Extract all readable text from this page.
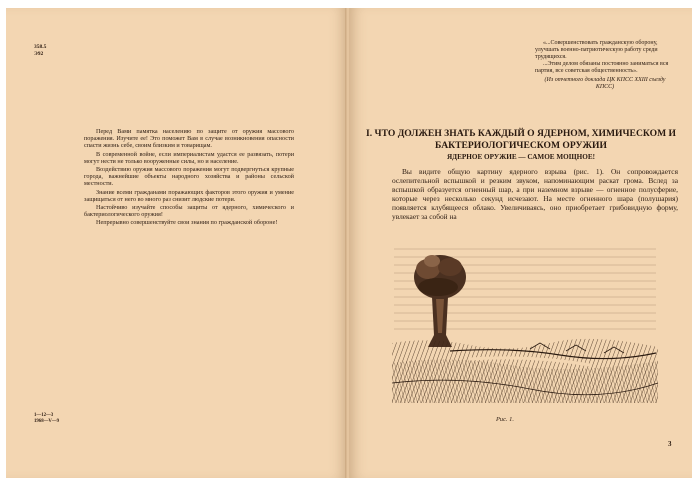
358.5
Э92

Перед Вами памятка населению по защите от оружия массового поражения. Изучите ее! Это поможет Вам в случае возникновения опасности спасти жизнь себе, своим близким и товарищам.

В современной войне, если империалистам удастся ее развязать, потери могут нести не только вооруженные силы, но и население.

Воздействию оружия массового поражения могут подвергнуться крупные города, важнейшие объекты народного хозяйства и районы сельской местности.

Знание всеми гражданами поражающих факторов этого оружия и умение защищаться от него во много раз снизит людские потери.

Настойчиво изучайте способы защиты от ядерного, химического и бактериологического оружия!

Непрерывно совершенствуйте свои знания по гражданской обороне!

1—12—3
1968—V—9

«...Совершенствовать гражданскую оборону, улучшать военно-патриотическую работу среди трудящихся.

...Этим делом обязаны постоянно заниматься вся партия, все советская общественность».

(Из отчетного доклада ЦК КПСС XXIII съезду КПСС)

I. ЧТО ДОЛЖЕН ЗНАТЬ КАЖДЫЙ О ЯДЕРНОМ, ХИМИЧЕСКОМ И БАКТЕРИОЛОГИЧЕСКОМ ОРУЖИИ
ЯДЕРНОЕ ОРУЖИЕ — САМОЕ МОЩНОЕ!

Вы видите общую картину ядерного взрыва (рис. 1). Он сопровождается ослепительной вспышкой и резким звуком, напоминающим раскат грома. Вслед за вспышкой образуется огненный шар, а при наземном взрыве — огненное полусферие, которые через несколько секунд исчезают. На месте огненного шара (полушария) появляется клубящееся облако. Увеличиваясь, оно приобретает грибовидную форму, увлекает за собой на

Рис. 1.
3
